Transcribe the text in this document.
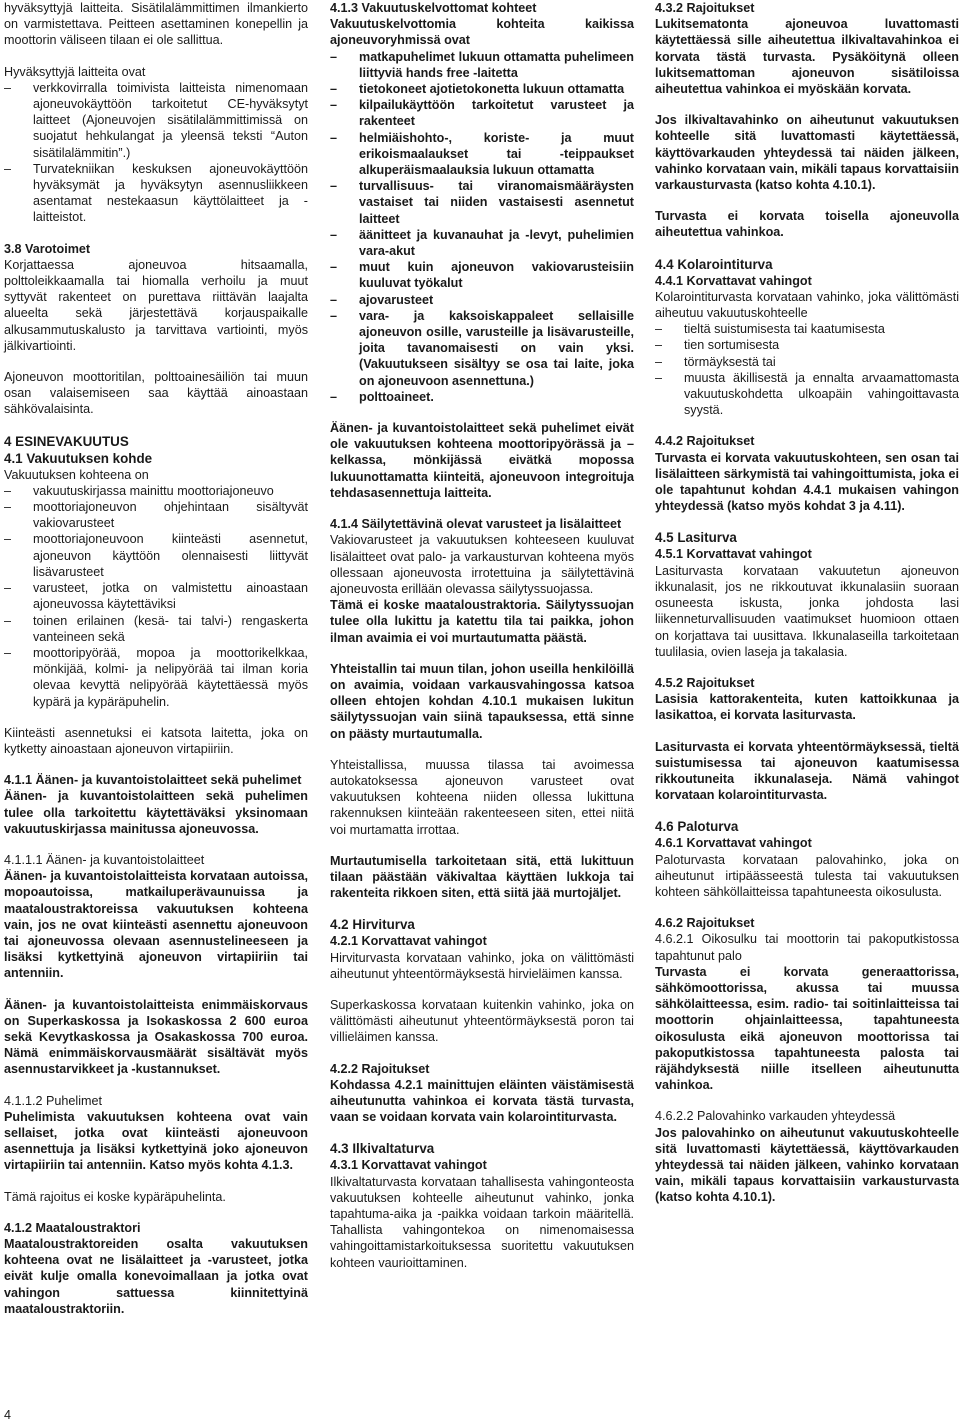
hyväksyttyjä laitteita. Sisätilalämmittimen ilmankierto on varmistettava. Peitteen asettaminen konepellin ja moottorin väliseen tilaan ei ole sallittua.
Hyväksyttyjä laitteita ovat
– verkkovirralla toimivista laitteista nimenomaan ajoneuvokäyttöön tarkoitetut CE-hyväksytyt laitteet (Ajoneuvojen sisätilalämmittimissä on suojatut hehkulangat ja yleensä teksti “Auton sisätilalämmitin”.)
– Turvatekniikan keskuksen ajoneuvokäyttöön hyväksymät ja hyväksytyn asennusliikkeen asentamat nestekaasun käyttölaitteet ja -laitteistot.
3.8 Varotoimet
Korjattaessa ajoneuvoa hitsaamalla, polttoleikkaamalla tai hiomalla verhoilu ja muut syttyvät rakenteet on purettava riittävän laajalta alueelta sekä järjestettävä korjauspaikalle alkusammutuskalusto ja tarvittava vartiointi, myös jälkivartiointi.
Ajoneuvon moottoritilan, polttoainesäiliön tai muun osan valaisemiseen saa käyttää ainoastaan sähkövalaisinta.
4 ESINEVAKUUTUS
4.1 Vakuutuksen kohde
Vakuutuksen kohteena on
– vakuutuskirjassa mainittu moottoriajoneuvo
– moottoriajoneuvon ohjehintaan sisältyvät vakiovarusteet
– moottoriajoneuvoon kiinteästi asennetut, ajoneuvon käyttöön olennaisesti liittyvät lisävarusteet
– varusteet, jotka on valmistettu ainoastaan ajoneuvossa käytettäviksi
– toinen erilainen (kesä- tai talvi-) rengaskerta vanteineen sekä
– moottoripyörää, mopoa ja moottorikelkkaa, mönkijää, kolmi- ja nelipyörää tai ilman koria olevaa kevyttä nelipyörää käytettäessä myös kypärä ja kypäräpuhelin.
Kiinteästi asennetuksi ei katsota laitetta, joka on kytketty ainoastaan ajoneuvon virtapiiriin.
4.1.1 Äänen- ja kuvantoistolaitteet sekä puhelimet
Äänen- ja kuvantoistolaitteen sekä puhelimen tulee olla tarkoitettu käytettäväksi yksinomaan vakuutuskirjassa mainitussa ajoneuvossa.
4.1.1.1 Äänen- ja kuvantoistolaitteet
Äänen- ja kuvantoistolaitteista korvataan autoissa, mopoautoissa, matkailuperävaunuissa ja maataloustraktoreissa vakuutuksen kohteena vain, jos ne ovat kiinteästi asennettu ajoneuvoon tai ajoneuvossa olevaan asennustelineeseen ja lisäksi kytkettyinä ajoneuvon virtapiiriin tai antenniin.
Äänen- ja kuvantoistolaitteista enimmäiskorvaus on Superkaskossa ja Isokaskossa 2 600 euroa sekä Kevytkaskossa ja Osakaskossa 700 euroa. Nämä enimmäiskorvausmäärät sisältävät myös asennustarvikkeet ja -kustannukset.
4.1.1.2 Puhelimet
Puhelimista vakuutuksen kohteena ovat vain sellaiset, jotka ovat kiinteästi ajoneuvoon asennettuja ja lisäksi kytkettyinä joko ajoneuvon virtapiiriin tai antenniin. Katso myös kohta 4.1.3.
Tämä rajoitus ei koske kypäräpuhelinta.
4.1.2 Maataloustraktori
Maataloustraktoreiden osalta vakuutuksen kohteena ovat ne lisälaitteet ja -varusteet, jotka eivät kulje omalla konevoimallaan ja jotka ovat vahingon sattuessa kiinnitettyinä maataloustraktoriin.
4.1.3 Vakuutuskelvottomat kohteet
Vakuutuskelvottomia kohteita kaikissa ajoneuvoryhmissä ovat
– matkapuhelimet lukuun ottamatta puhelimeen liittyviä hands free -laitetta
– tietokoneet ajotietokonetta lukuun ottamatta
– kilpailukäyttöön tarkoitetut varusteet ja rakenteet
– helmiäishohto-, koriste- ja muut erikoismaalaukset tai -teippaukset alkuperäismaalauksia lukuun ottamatta
– turvallisuus- tai viranomaismääräysten vastaiset tai niiden vastaisesti asennetut laitteet
– äänitteet ja kuvanauhat ja -levyt, puhelimien vara-akut
– muut kuin ajoneuvon vakiovarusteisiin kuuluvat työkalut
– ajovarusteet
– vara- ja kaksoiskappaleet sellaisille ajoneuvon osille, varusteille ja lisävarusteille, joita tavanomaisesti on vain yksi. (Vakuutukseen sisältyy se osa tai laite, joka on ajoneuvoon asennettuna.)
– polttoaineet.
Äänen- ja kuvantoistolaitteet sekä puhelimet eivät ole vakuutuksen kohteena moottoripyörässä ja –kelkassa, mönkijässä eivätkä mopossa lukuunottamatta kiinteitä, ajoneuvoon integroituja tehdasasennettuja laitteita.
4.1.4 Säilytettävinä olevat varusteet ja lisälaitteet
Vakiovarusteet ja vakuutuksen kohteeseen kuuluvat lisälaitteet ovat palo- ja varkausturvan kohteena myös ollessaan ajoneuvosta irrotettuina ja säilytettävinä ajoneuvosta erillään olevassa säilytyssuojassa.
Tämä ei koske maataloustraktoria. Säilytyssuojan tulee olla lukittu ja katettu tila tai paikka, johon ilman avaimia ei voi murtautumatta päästä.
Yhteistallin tai muun tilan, johon useilla henkilöillä on avaimia, voidaan varkausvahingossa katsoa olleen ehtojen kohdan 4.10.1 mukaisen lukitun säilytyssuojan vain siinä tapauksessa, että sinne on päästy murtautumalla.
Yhteistallissa, muussa tilassa tai avoimessa autokatoksessa ajoneuvon varusteet ovat vakuutuksen kohteena niiden ollessa lukittuna rakennuksen kiinteään rakenteeseen siten, ettei niitä voi murtamatta irrottaa.
Murtautumisella tarkoitetaan sitä, että lukittuun tilaan päästään väkivaltaa käyttäen lukkoja tai rakenteita rikkoen siten, että siitä jää murtojäljet.
4.2 Hirviturva
4.2.1 Korvattavat vahingot
Hirviturvasta korvataan vahinko, joka on välittömästi aiheutunut yhteentörmäyksestä hirvieläimen kanssa.
Superkaskossa korvataan kuitenkin vahinko, joka on välittömästi aiheutunut yhteentörmäyksestä poron tai villieläimen kanssa.
4.2.2 Rajoitukset
Kohdassa 4.2.1 mainittujen eläinten väistämisestä aiheutunutta vahinkoa ei korvata tästä turvasta, vaan se voidaan korvata vain kolarointiturvasta.
4.3 Ilkivaltaturva
4.3.1 Korvattavat vahingot
Ilkivaltaturvasta korvataan tahallisesta vahingonteosta vakuutuksen kohteelle aiheutunut vahinko, jonka tapahtuma-aika ja -paikka voidaan tarkoin määritellä. Tahallista vahingontekoa on nimenomaisessa vahingoittamistarkoituksessa suoritettu vakuutuksen kohteen vaurioittaminen.
4.3.2 Rajoitukset
Lukitsematonta ajoneuvoa luvattomasti käytettäessä sille aiheutettua ilkivaltavahinkoa ei korvata tästä turvasta. Pysäköitynä olleen lukitsemattoman ajoneuvon sisätiloissa aiheutettua vahinkoa ei myöskään korvata.
Jos ilkivaltavahinko on aiheutunut vakuutuksen kohteelle sitä luvattomasti käytettäessä, käyttövarkauden yhteydessä tai näiden jälkeen, vahinko korvataan vain, mikäli tapaus korvattaisiin varkausturvasta (katso kohta 4.10.1).
Turvasta ei korvata toisella ajoneuvolla aiheutettua vahinkoa.
4.4 Kolarointiturva
4.4.1 Korvattavat vahingot
Kolarointiturvasta korvataan vahinko, joka välittömästi aiheutuu vakuutuskohteelle
– tieltä suistumisesta tai kaatumisesta
– tien sortumisesta
– törmäyksestä tai
– muusta äkillisestä ja ennalta arvaamattomasta vakuutuskohdetta ulkoapäin vahingoittavasta syystä.
4.4.2 Rajoitukset
Turvasta ei korvata vakuutuskohteen, sen osan tai lisälaitteen särkymistä tai vahingoittumista, joka ei ole tapahtunut kohdan 4.4.1 mukaisen vahingon yhteydessä (katso myös kohdat 3 ja 4.11).
4.5 Lasiturva
4.5.1 Korvattavat vahingot
Lasiturvasta korvataan vakuutetun ajoneuvon ikkunalasit, jos ne rikkoutuvat ikkunalasiin suoraan osuneesta iskusta, jonka johdosta lasi liikenneturvallisuuden vaatimukset huomioon ottaen on korjattava tai uusittava. Ikkunalaseilla tarkoitetaan tuulilasia, ovien laseja ja takalasia.
4.5.2 Rajoitukset
Lasisia kattorakenteita, kuten kattoikkunaa ja lasikattoa, ei korvata lasiturvasta.
Lasiturvasta ei korvata yhteentörmäyksessä, tieltä suistumisessa tai ajoneuvon kaatumisessa rikkoutuneita ikkunalaseja. Nämä vahingot korvataan kolarointiturvasta.
4.6 Paloturva
4.6.1 Korvattavat vahingot
Paloturvasta korvataan palovahinko, joka on aiheutunut irtipäässeestä tulesta tai vakuutuksen kohteen sähköllaitteissa tapahtuneesta oikosulusta.
4.6.2 Rajoitukset
4.6.2.1 Oikosulku tai moottorin tai pakoputkistossa tapahtunut palo
Turvasta ei korvata generaattorissa, sähkömoottorissa, akussa tai muussa sähkölaitteessa, esim. radio- tai soitinlaitteissa tai moottorin ohjainlaitteessa, tapahtuneesta oikosulusta eikä ajoneuvon moottorissa tai pakoputkistossa tapahtuneesta palosta tai räjähdyksestä niille itselleen aiheutunutta vahinkoa.
4.6.2.2 Palovahinko varkauden yhteydessä
Jos palovahinko on aiheutunut vakuutuskohteelle sitä luvattomasti käytettäessä, käyttövarkauden yhteydessä tai näiden jälkeen, vahinko korvataan vain, mikäli tapaus korvattaisiin varkausturvasta (katso kohta 4.10.1).
4
